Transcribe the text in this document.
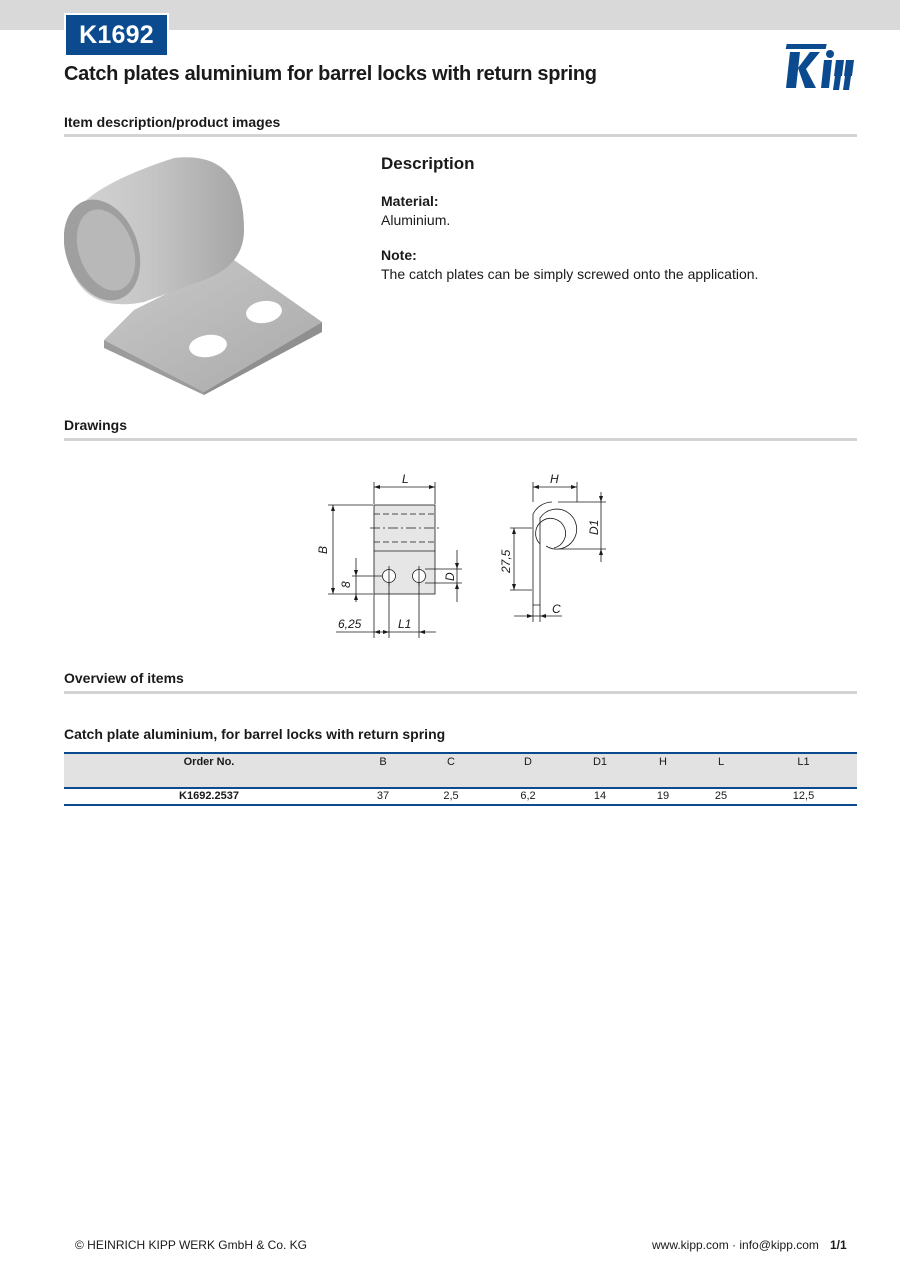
K1692
Catch plates aluminium for barrel locks with return spring
Kipp
Item description/product images
Description

Material:

Aluminium.

Note:

The catch plates can be simply screwed onto the application.

Drawings
L
B
8
D
6,25	L1
H
D1
27,5
C
Overview of items
Catch plate aluminium, for barrel locks with return spring
Order No.	B	C	D	D1	H	L	L1
K1692.2537	37	2,5	6,2	14	19	25	12,5
© HEINRICH KIPP WERK GmbH & Co. KG	www.kipp.com · info@kipp.com 1/1
